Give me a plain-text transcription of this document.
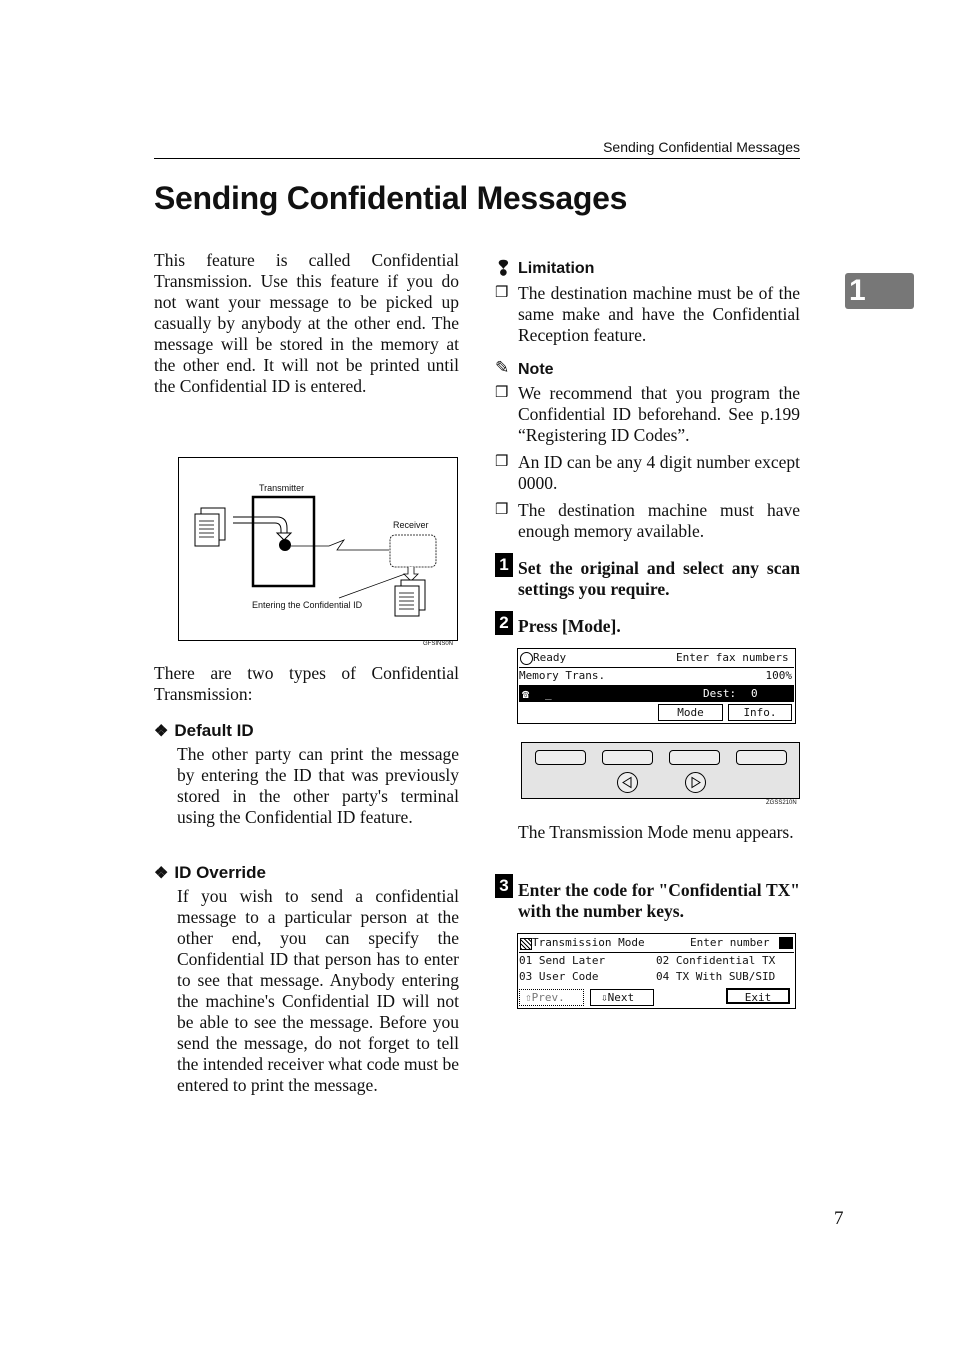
Sending Confidential Messages
Sending Confidential Messages
1
This feature is called Confidential Transmission. Use this feature if you do not want your message to be picked up casually by anybody at the other end. The message will be stored in the memory at the other end. It will not be printed until the Confidential ID is entered.
Transmitter
Receiver
Entering the Confidential ID
GFSINS0N
There are two types of Confidential Transmission:
❖ Default ID
The other party can print the message by entering the ID that was previously stored in the other party's terminal using the Confidential ID feature.
❖ ID Override
If you wish to send a confidential message to a particular person at the other end, you can specify the Confidential ID that person has to enter to see that message. Anybody entering the machine's Confidential ID will not be able to see the message. Before you send the message, do not forget to tell the intended receiver what code must be entered to print the message.
❢ Limitation
❒ The destination machine must be of the same make and have the Confidential Reception feature.
✎ Note
❒ We recommend that you program the Confidential ID beforehand. See p.199 “Registering ID Codes”.
❒ An ID can be any 4 digit number except 0000.
❒ The destination machine must have enough memory available.
1 Set the original and select any scan settings you require.
2 Press [Mode].
Ready	Enter fax numbers
Memory Trans.	100%
☎ _	Dest: 0
Mode	Info.
ZGSS210N
The Transmission Mode menu appears.
3 Enter the code for "Confidential TX" with the number keys.
Transmission Mode	Enter number
01 Send Later	02 Confidential TX
03 User Code	04 TX With SUB/SID
⇧Prev.	⇩Next	Exit
7
